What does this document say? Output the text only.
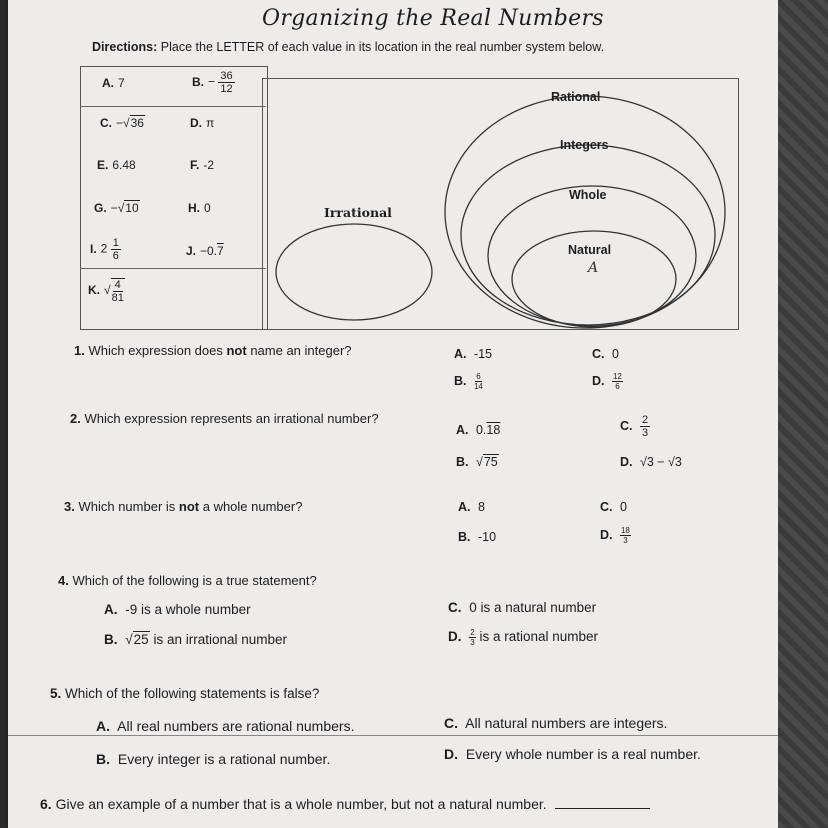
Organizing the Real Numbers
Directions: Place the LETTER of each value in its location in the real number system below.
A. 7	B. − $\frac{36}{12}$
C. −√36	D. π
E. 6.48	F. -2
G. −√10	H. 0
I. $2 \frac{1}{6}$	J. −0.7
K. √ $\frac{4}{81}$
Rational
Integers
Whole
Natural
Irrational
A
1. Which expression does not name an integer?	A. -15	C. 0
B. $\frac{6}{14}$	D. $\frac{12}{6}$
2. Which expression represents an irrational number?
A. 0.18	C. $\frac{2}{3}$
B. √75	D. √3 − √3
3. Which number is not a whole number?	A. 8	C. 0
B. -10	D. $\frac{18}{3}$
4. Which of the following is a true statement?
A. -9 is a whole number	C. 0 is a natural number
B. √25 is an irrational number	D. $\frac{2}{3}$ is a rational number
5. Which of the following statements is false?
A. All real numbers are rational numbers.	C. All natural numbers are integers.
B. Every integer is a rational number.	D. Every whole number is a real number.
6. Give an example of a number that is a whole number, but not a natural number.
